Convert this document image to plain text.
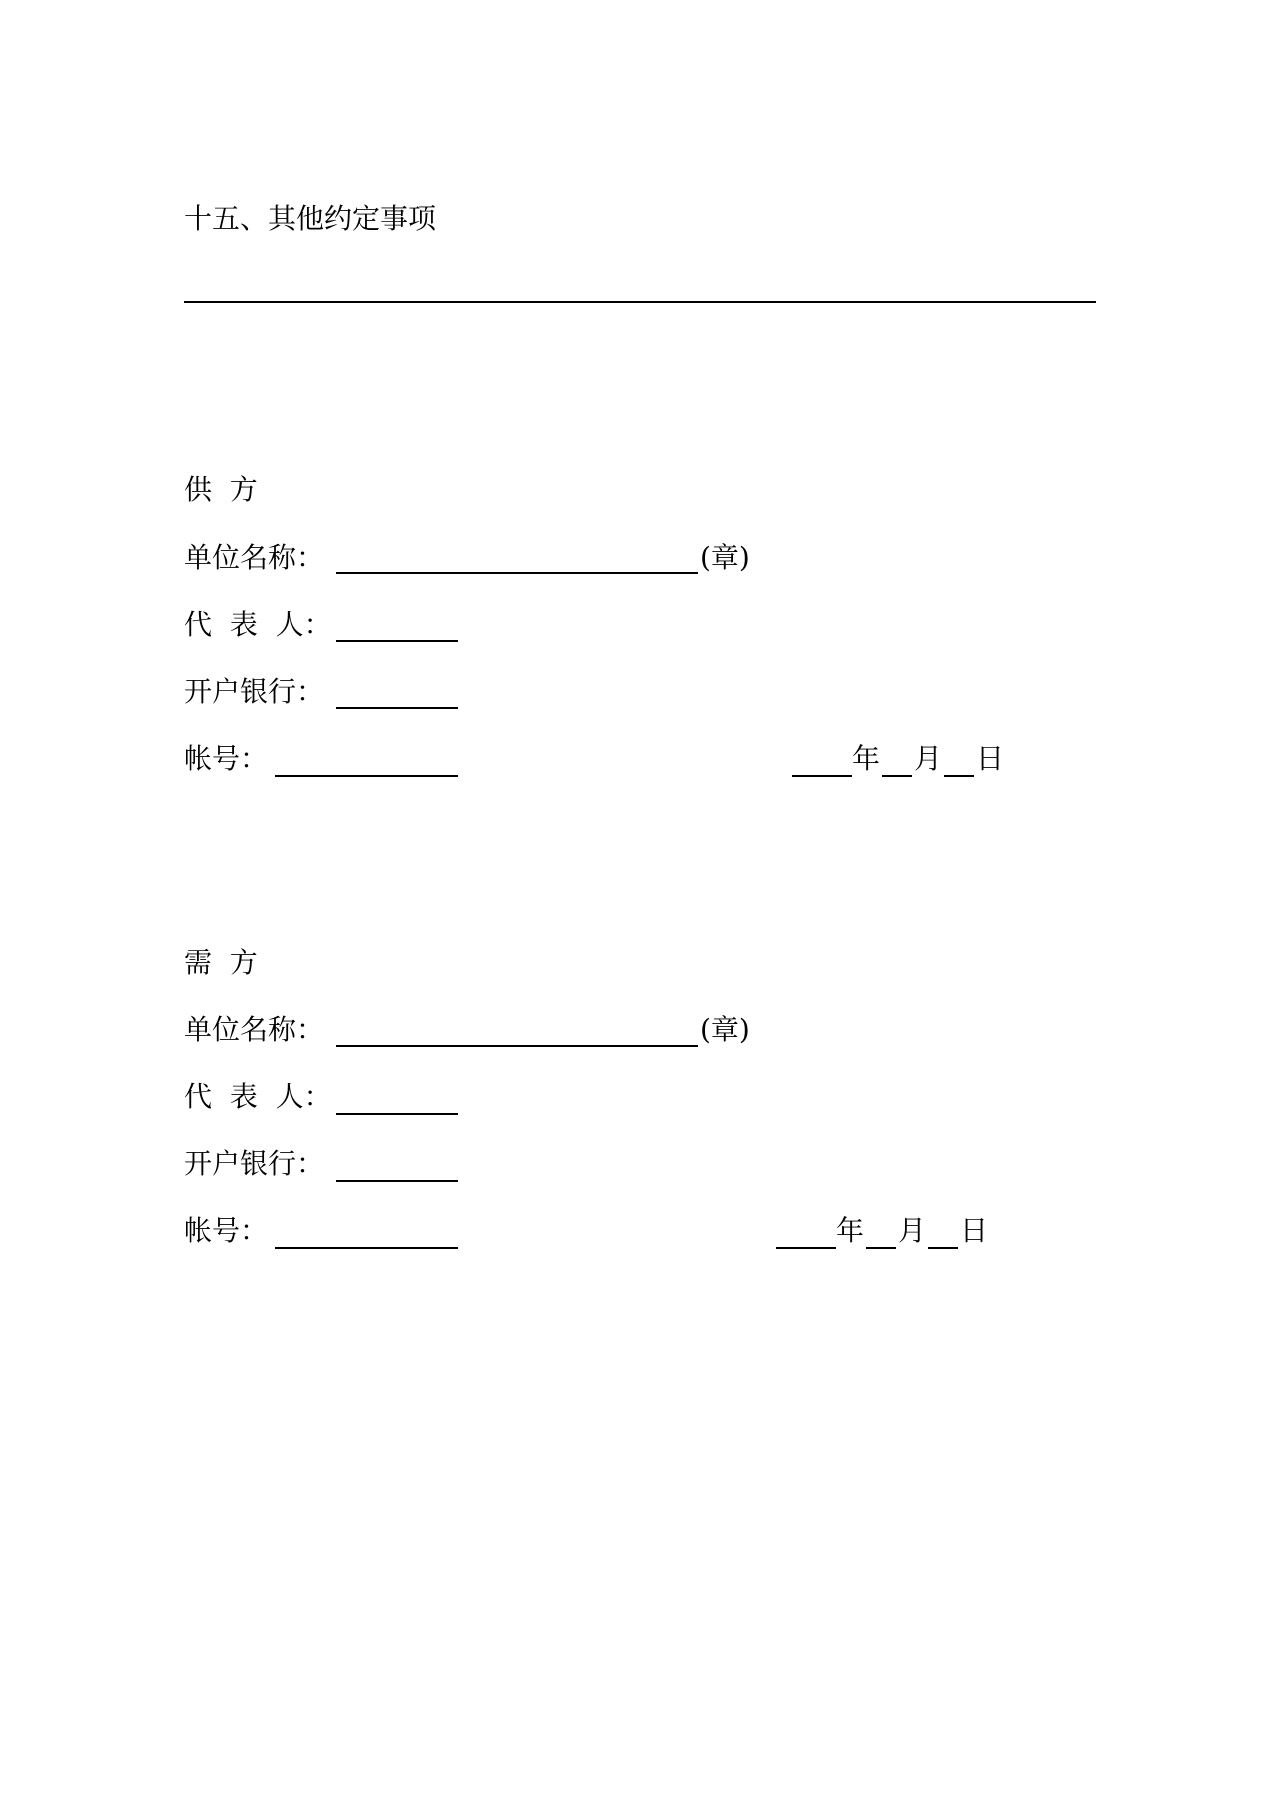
十五、其他约定事项
供  方
单位名称：	(章)
代  表  人：
开户银行：
帐号：	年 月 日
需  方
单位名称：	(章)
代  表  人：
开户银行：
帐号：	年 月 日
